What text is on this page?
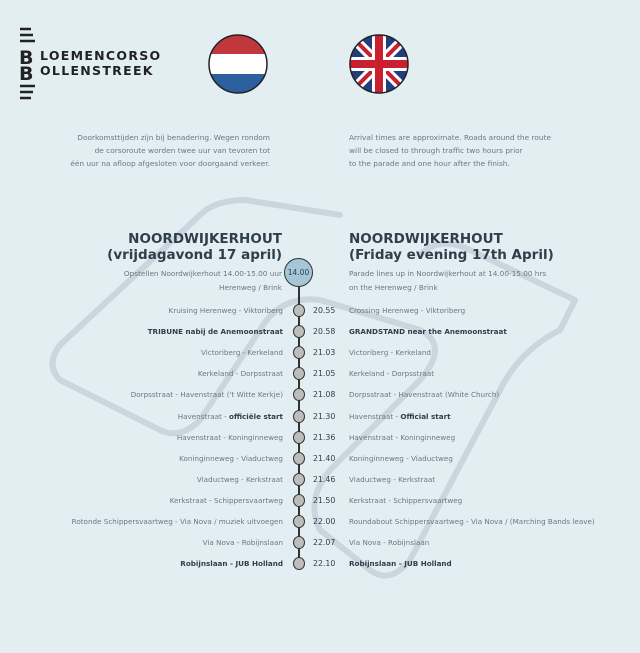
B
B
LOEMENCORSO
OLLENSTREEK
Doorkomsttijden zijn bij benadering. Wegen rondom
de corsoroute worden twee uur van tevoren tot
één uur na afloop afgesloten voor doorgaand verkeer.
Arrival times are approximate. Roads around the route
will be closed to through traffic two hours prior
to the parade and one hour after the finish.
NOORDWIJKERHOUT
(vrijdagavond 17 april)
NOORDWIJKERHOUT
(Friday evening 17th April)
Opstellen Noordwijkerhout 14.00-15.00 uur
Herenweg / Brink
Parade lines up in Noordwijkerhout at 14.00-15.00 hrs
on the Herenweg / Brink
14.00
Kruising Herenweg - Viktoriberg	20.55 Crossing Herenweg - Viktoriberg
TRIBUNE nabij de Anemoonstraat	20.58 GRANDSTAND near the Anemoonstraat
Victoriberg - Kerkeland	21.03 Victoriberg - Kerkeland
Kerkeland - Dorpsstraat	21.05 Kerkeland - Dorpsstraat
Dorpsstraat - Havenstraat ('t Witte Kerkje)	21.08 Dorpsstraat - Havenstraat (White Church)
Havenstraat - officiële start	21.30 Havenstraat - Official start
Havenstraat - Koninginneweg	21.36 Havenstraat - Koninginneweg
Koninginneweg - Viaductweg	21.40 Koninginneweg - Viaductweg
Viaductweg - Kerkstraat	21.46 Viaductweg - Kerkstraat
Kerkstraat - Schippersvaartweg	21.50 Kerkstraat - Schippersvaartweg
Rotonde Schippersvaartweg - Via Nova / muziek uitvoegen	22.00 Roundabout Schippersvaartweg - Via Nova / (Marching Bands leave)
Via Nova - Robijnslaan	22.07 Via Nova - Robijnslaan
Robijnslaan - JUB Holland	22.10 Robijnslaan - JUB Holland
